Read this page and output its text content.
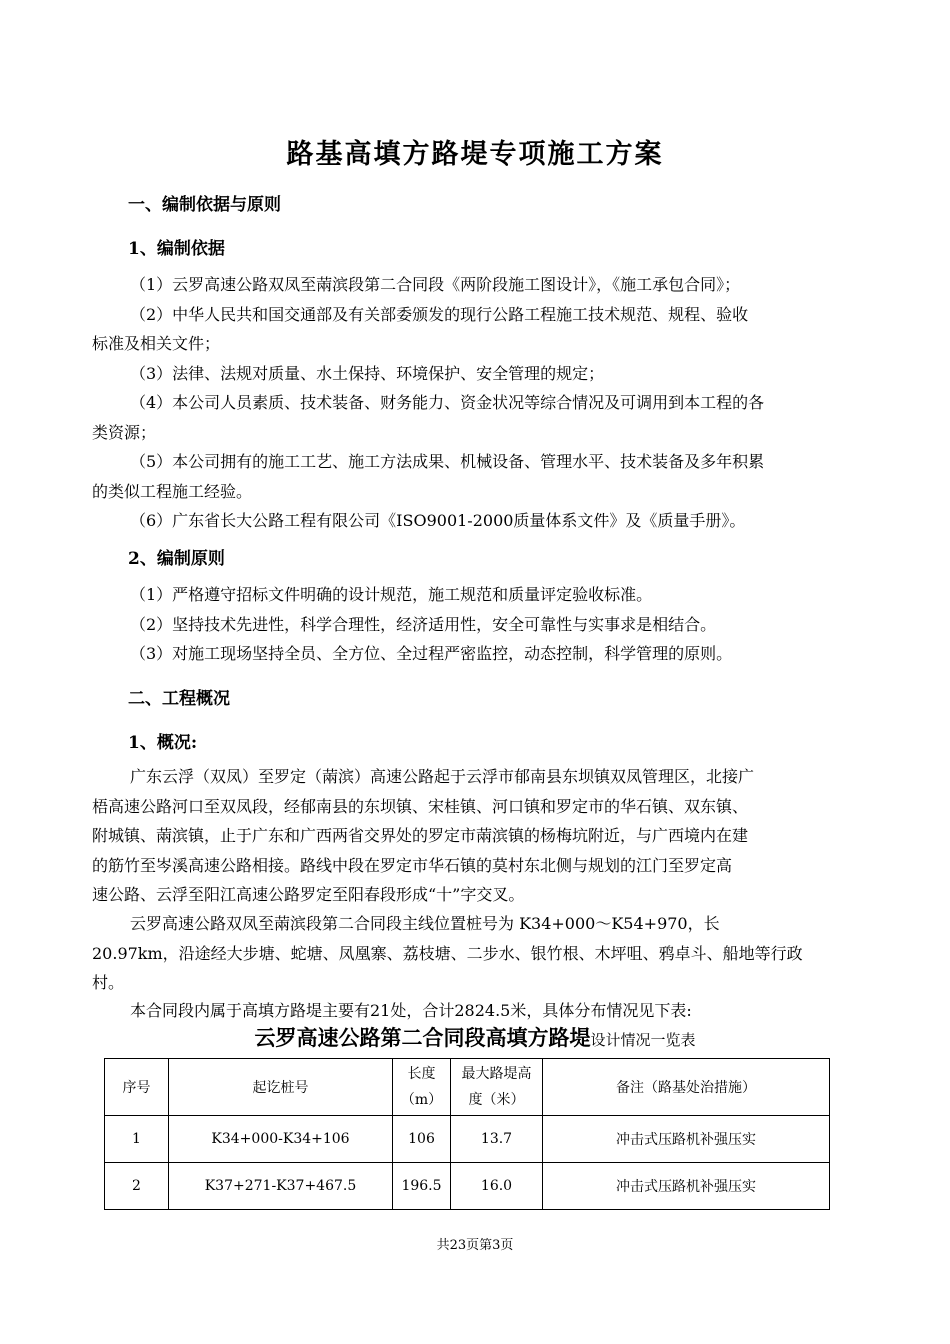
路基高填方路堤专项施工方案
一、编制依据与原则
1、编制依据
（1）云罗高速公路双凤至䓣滨段第二合同段《两阶段施工图设计》，《施工承包合同》；
（2）中华人民共和国交通部及有关部委颁发的现行公路工程施工技术规范、规程、验收
标准及相关文件；
（3）法律、法规对质量、水土保持、环境保护、安全管理的规定；
（4）本公司人员素质、技术装备、财务能力、资金状况等综合情况及可调用到本工程的各
类资源；
（5）本公司拥有的施工工艺、施工方法成果、机械设备、管理水平、技术装备及多年积累
的类似工程施工经验。
（6）广东省长大公路工程有限公司《ISO9001-2000质量体系文件》及《质量手册》。
2、编制原则
（1）严格遵守招标文件明确的设计规范，施工规范和质量评定验收标准。
（2）坚持技术先进性，科学合理性，经济适用性，安全可靠性与实事求是相结合。
（3）对施工现场坚持全员、全方位、全过程严密监控，动态控制，科学管理的原则。
二、工程概况
1、概况:
广东云浮（双凤）至罗定（䓣滨）高速公路起于云浮市郁南县东坝镇双凤管理区，北接广
梧高速公路河口至双凤段，经郁南县的东坝镇、宋桂镇、河口镇和罗定市的华石镇、双东镇、
附城镇、䓣滨镇，止于广东和广西两省交界处的罗定市䓣滨镇的杨梅坑附近，与广西境内在建
的筋竹至岑溪高速公路相接。路线中段在罗定市华石镇的莫村东北侧与规划的江门至罗定高
速公路、云浮至阳江高速公路罗定至阳春段形成“十”字交叉。
云罗高速公路双凤至䓣滨段第二合同段主线位置桩号为 K34+000～K54+970，长
20.97km，沿途经大步塘、蛇塘、凤凰寨、荔枝塘、二步水、银竹根、木坪咀、鸦卓斗、船地等行政
村。
本合同段内属于高填方路堤主要有21处，合计2824.5米，具体分布情况见下表:
云罗高速公路第二合同段高填方路堤设计情况一览表
序号	起讫桩号	长度（m）	最大路堤高度（米）	备注（路基处治措施）
1	K34+000-K34+106	106	13.7	冲击式压路机补强压实
2	K37+271-K37+467.5	196.5	16.0	冲击式压路机补强压实
共23页第3页
